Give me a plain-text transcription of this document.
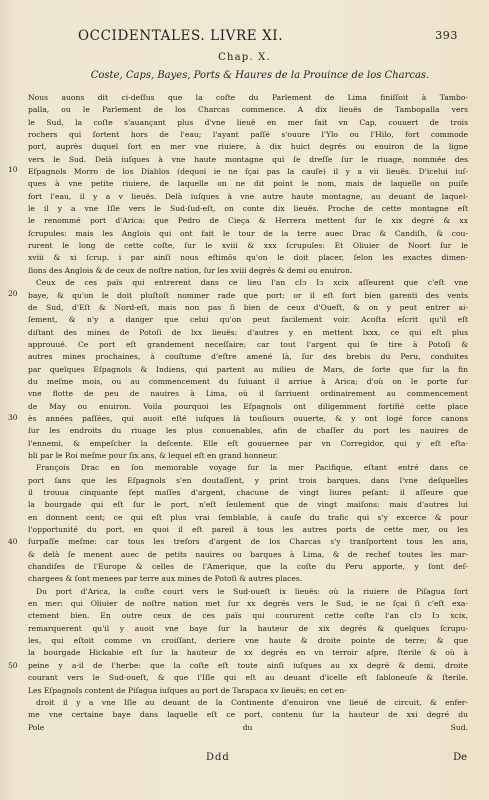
OCCIDENTALES. LIVRE XI.	393
Chap. X.
Coste, Caps, Bayes, Ports & Haures de la Prouince de los Charcas.
10
20
30
40
50
Nous auons dit ci-deſſus que la coſte du Parlement de Lima finiſſoit à Tambo-
palla, ou le Parlement de los Charcas commence. A dix lieuës de Tambopalla vers
le Sud, la coſte s'auançant plus d'vne lieuë en mer fait vn Cap, couuert de trois
rochers qui ſortent hors de l'eau; l'ayant paſſé s'ouure l'Ylo ou l'Hilo, fort commode
port, auprès duquel ſort en mer vne riuiere, à dix huict degrés ou enuiron de la ligne
vers le Sud. Delà iuſques à vne haute montagne qui ſe dreſſe ſur le riuage, nommée des
Eſpagnols Morro de los Diablos (dequoi ie ne ſçai pas la cauſe) il y a vii lieuës. D'icelui iuſ-
ques à vne petite riuiere, de laquelle on ne dit point le nom, mais de laquelle on puiſe
fort l'eau, il y a v lieuës. Delà iuſques à vne autre haute montagne, au deuant de laquel-
le il y a vne Iſle vers le Sud-ſud-eſt, on conte dix lieuës. Proche de cette montagne eſt
le renommé port d'Arica: que Pedro de Cieça & Herrera mettent ſur le xix degré & xx
ſcrupules: mais les Anglois qui ont fait le tour de la terre auec Drac & Candiſh, & cou-
rurent le long de cette coſte, ſur le xviii & xxx ſcrupules: Et Oliuier de Noort ſur le
xviii & xi ſcrup. i par ainſi nous eſtimōs qu'on le doit placer, ſelon les exactes dimen-
ſions des Anglois & de ceux de noſtre nation, ſur les xviii degrés & demi ou enuiron.
Ceux de ces païs qui entrerent dans ce lieu l'an cIↄ Iↄ xcix aſſeurent que c'eſt vne
baye, & qu'on le doit pluſtoſt nommer rade que port: or il eſt fort bien garenti des vents
de Sud, d'Eſt & Nord-eſt, mais non pas ſi bien de ceux d'Oueſt, & on y peut entrer ai-
ſement, & n'y a danger que celui qu'on peut facilement voir. Acoſta eſcrit qu'il eſt
diſtant des mines de Potoſi de lxx lieuës: d'autres y en mettent lxxx, ce qui eſt plus
approuué. Ce port eſt grandement neceſſaire; car tout l'argent qui ſe tire à Potoſi &
autres mines prochaines, à couſtume d'eſtre amené là, ſur des brebis du Peru, conduites
par quelques Eſpagnols & Indiens, qui partent au milieu de Mars, de ſorte que ſur la fin
du meſme mois, ou au commencement du ſuiuant il arriue à Arica; d'où on le porte ſur
vne flotte de peu de nauires à Lima, où il ſarriuent ordinairement au commencement
de May ou enuiron. Voila pourquoi les Eſpagnols ont diligemment fortifié cette place
ès années paſſées, qui auoit eſté iuſques là touſiours ouuerte, & y ont logé force canons
ſur les endroits du riuage les plus conuenables, afin de chaſſer du port les nauires de
l'ennemi, & empeſcher la deſcente. Elle eſt gouuernee par vn Corregidor, qui y eſt eſta-
bli par le Roi meſme pour ſix ans, & lequel eſt en grand honneur.
François Drac en ſon memorable voyage ſur la mer Pacifique, eſtant entré dans ce
port ſans que les Eſpagnols s'en doutaſſent, y print trois barques, dans l'vne deſquelles
il trouua cinquante ſept maſſes d'argent, chacune de vingt liures peſant: il aſſeure que
la bourgade qui eſt ſur le port, n'eſt ſeulement que de vingt maiſons: mais d'autres lui
en donnent cent; ce qui eſt plus vrai ſemblable, à cauſe du trafic qui s'y excerce & pour
l'opportunité du port, en quoi il eſt pareil à tous les autres ports de cette mer, ou les
ſurpaſſe meſme: car tous les treſors d'argent de los Charcas s'y tranſportent tous les ans,
& delà ſe menent auec de petits nauires ou barques à Lima, & de rechef toutes les mar-
chandiſes de l'Europe & celles de l'Amerique, que la coſte du Peru apporte, y ſont deſ-
chargees & ſont menees par terre aux mines de Potoſi & autres places.
Du port d'Arica, la coſte court vers le Sud-oueſt ix lieuës: où la riuiere de Piſagua ſort
en mer: qui Oliuier de noſtre nation met ſur xx degrés vers le Sud, ie ne ſçai ſi c'eſt exa-
ctement bien. En outre ceux de ces païs qui coururent cette coſte l'an cIↄ Iↄ xcix,
remarquerent qu'il y auoit vne baye ſur la hauteur de xix degrés & quelques ſcrupu-
les, qui eſtoit comme vn croiſſant, deriere vne haute & droite pointe de terre; & que
la bourgade Hickabie eſt ſur la hauteur de xx degrés en vn terroir aſpre, ſterile & où à
peine y a-il de l'herbe: que la coſte eſt toute ainſi iuſques au xx degré & demi, droite
courant vers le Sud-oueſt, & que l'Iſle qui eſt au deuant d'icelle eſt ſabloneuſe & ſterile.
Les Eſpagnols content de Piſagua iuſques au port de Tarapaca xv lieuës; en cet en-
droit il y a vne Iſle au deuant de la Continente d'enuiron vne lieuë de circuit, & enfer-
me vne certaine baye dans laquelle eſt ce port, contenu ſur la hauteur de xxi degré du
Pole du Sud.
Ddd	De
